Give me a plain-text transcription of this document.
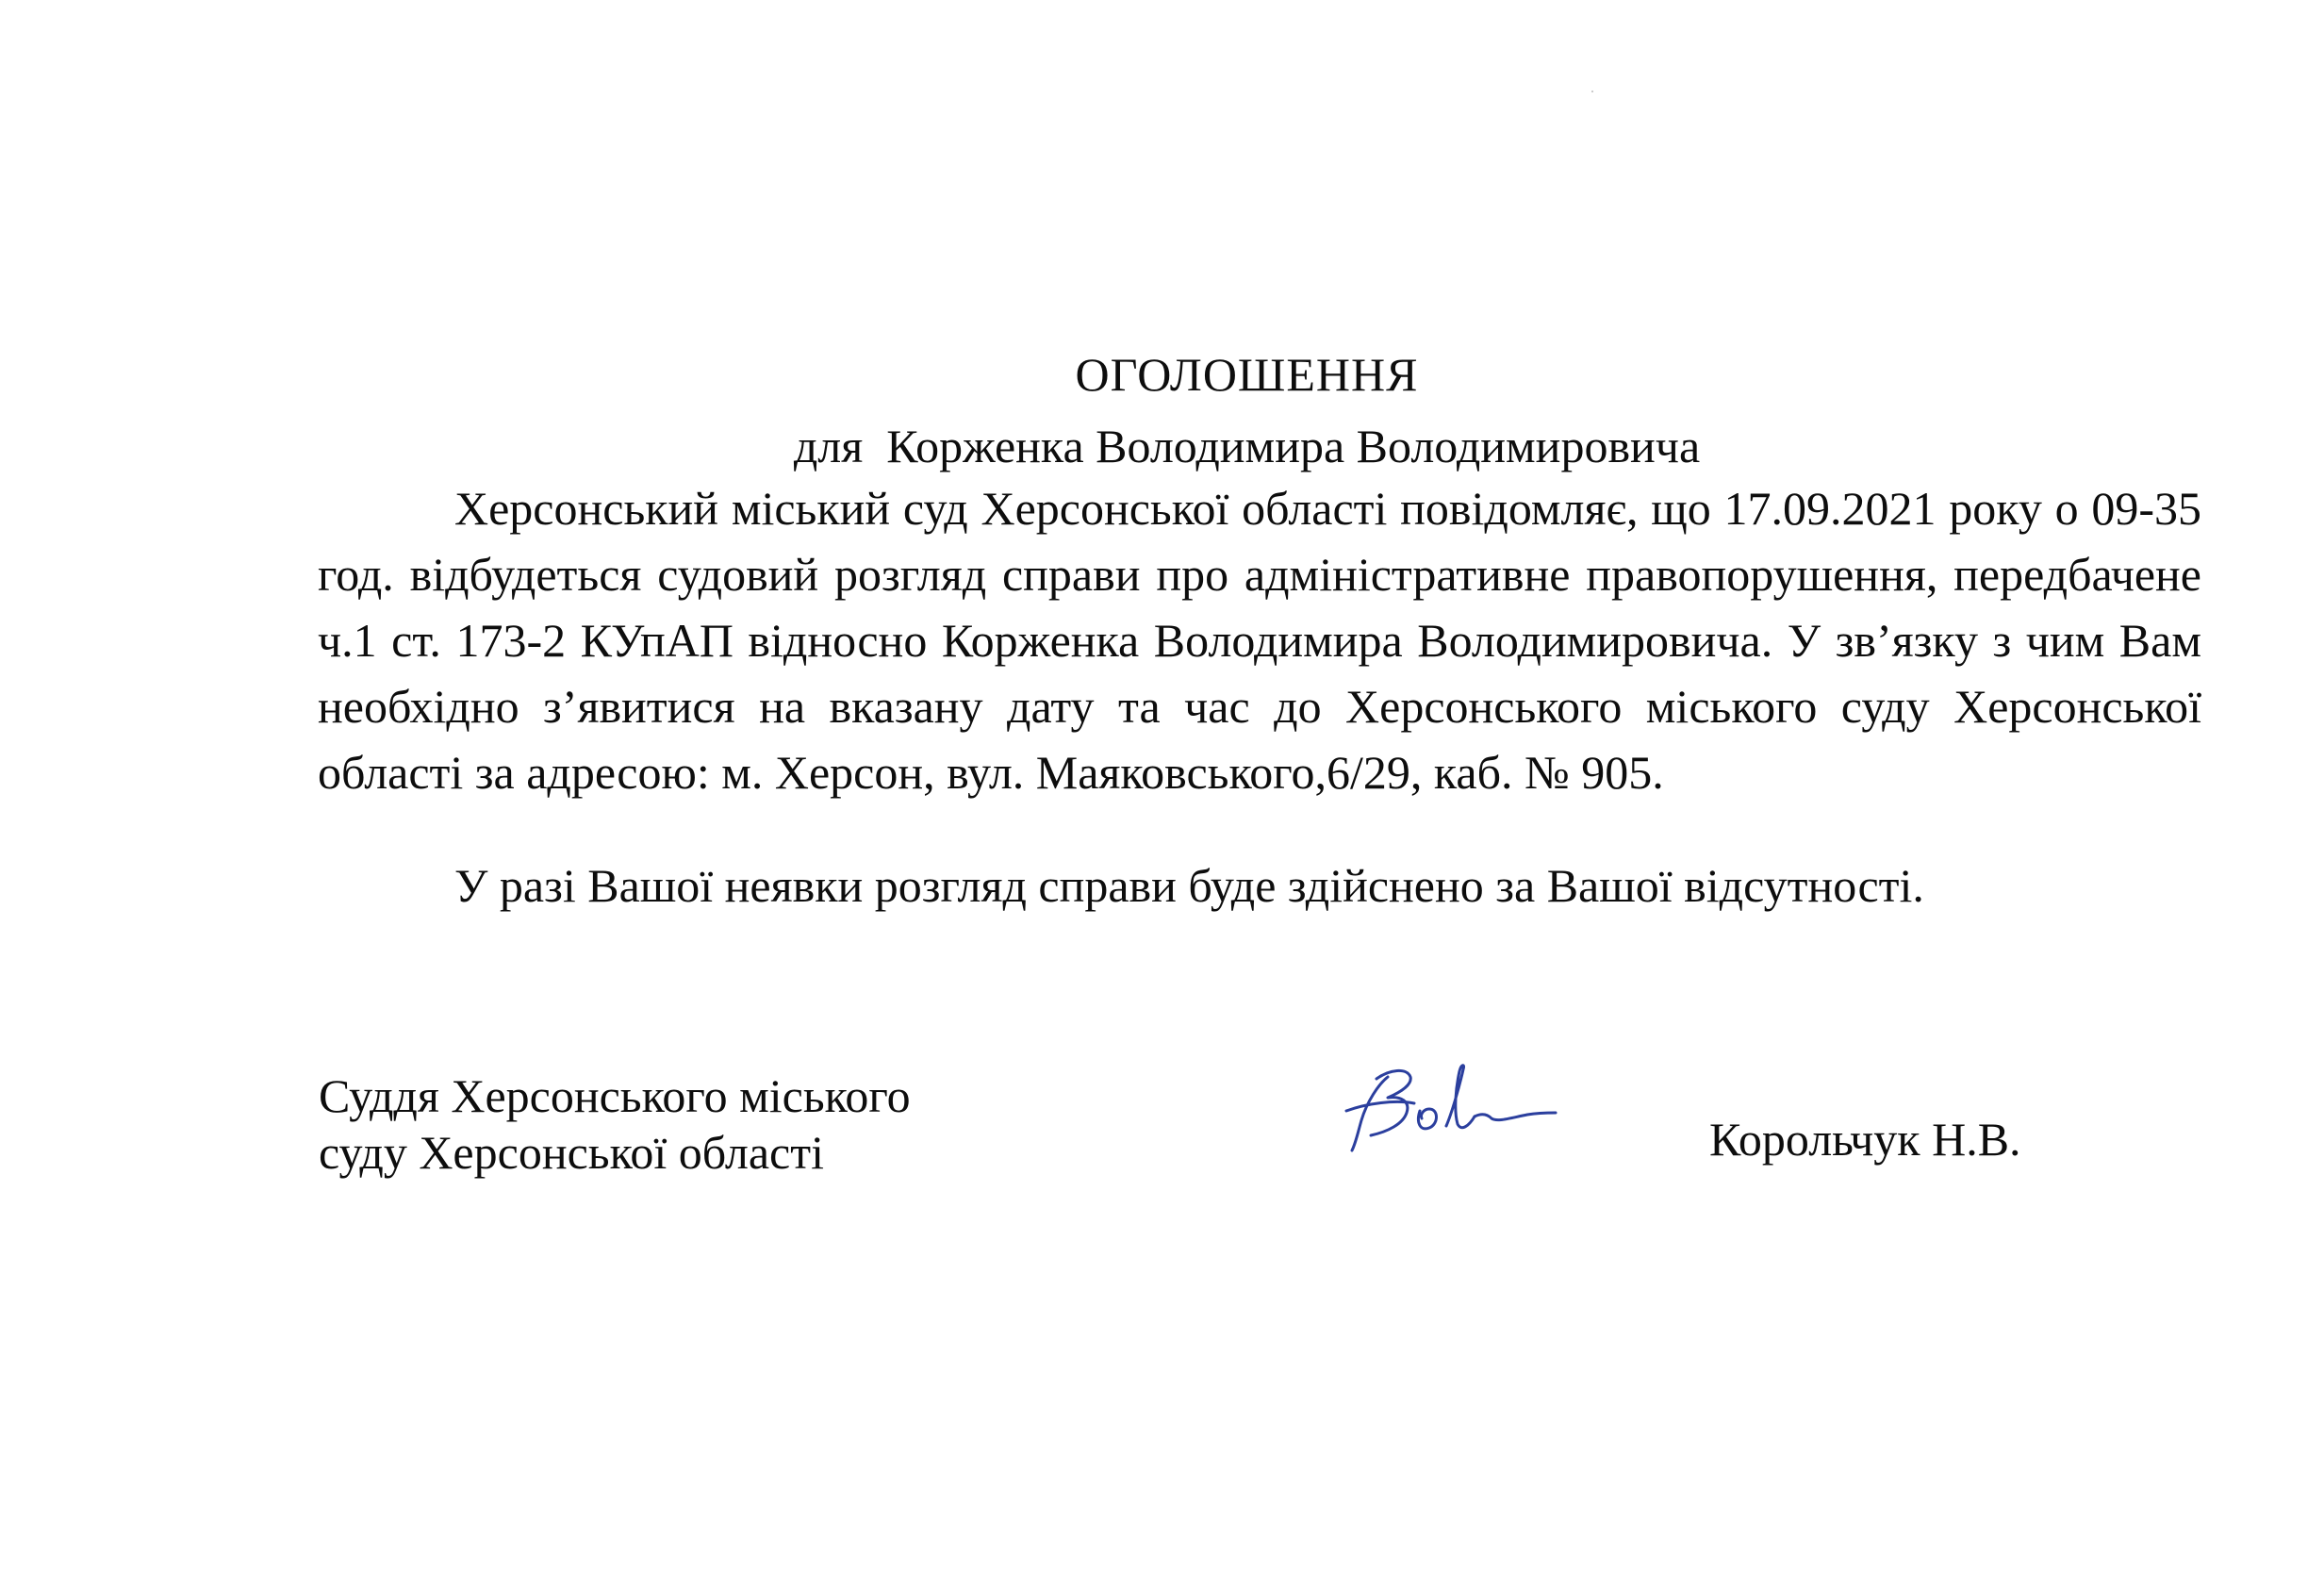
ОГОЛОШЕННЯ
для  Корженка Володимира Володимировича

Херсонський міський суд Херсонської області повідомляє, що 17.09.2021 року о 09-35 год. відбудеться судовий розгляд справи про адміністративне правопорушення, передбачене ч.1 ст. 173-2 КУпАП відносно Корженка Володимира Володимировича. У зв’язку з чим Вам необхідно з’явитися на вказану дату та час до Херсонського міського суду Херсонської області за адресою: м. Херсон, вул. Маяковського,6/29, каб. № 905.

У разі Вашої неявки розгляд справи буде здійснено за Вашої відсутності.

Суддя Херсонського міського
суду Херсонської області	Корольчук Н.В.
